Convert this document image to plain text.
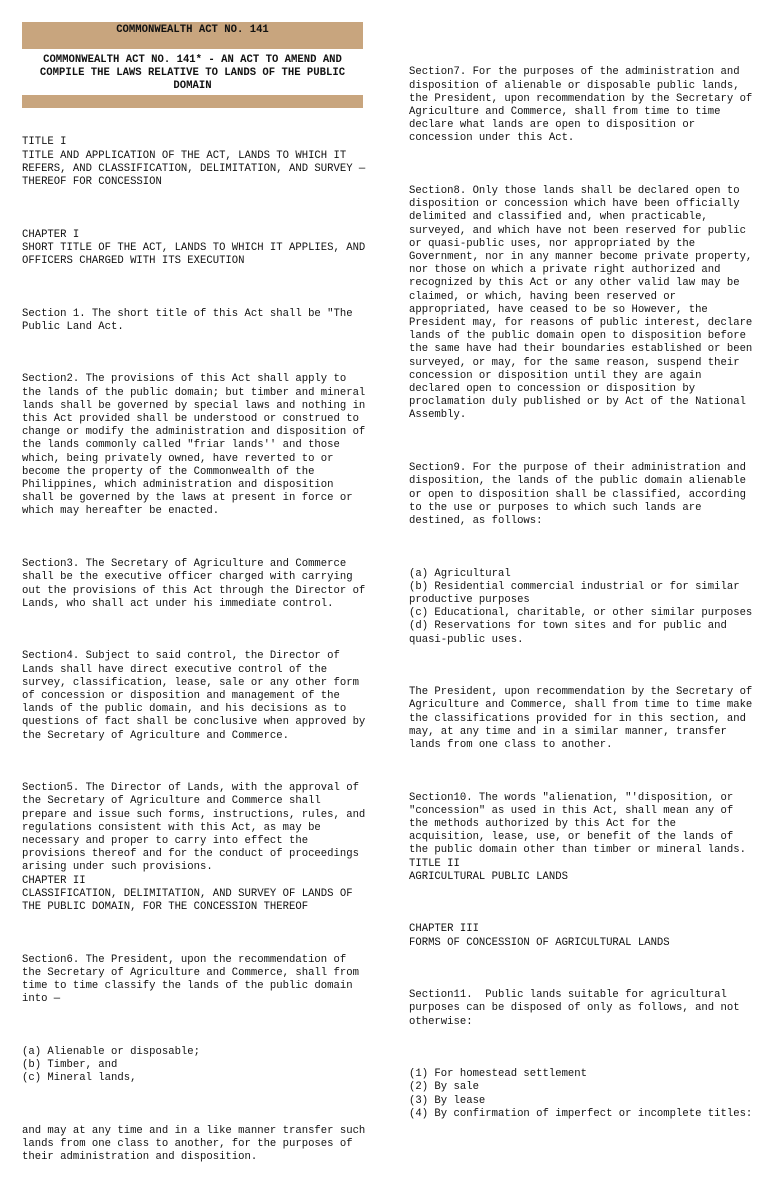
COMMONWEALTH ACT NO. 141
COMMONWEALTH ACT NO. 141* - AN ACT TO AMEND AND COMPILE THE LAWS RELATIVE TO LANDS OF THE PUBLIC DOMAIN

TITLE I
TITLE AND APPLICATION OF THE ACT, LANDS TO WHICH IT REFERS, AND CLASSIFICATION, DELIMITATION, AND SURVEY — THEREOF FOR CONCESSION

CHAPTER I
SHORT TITLE OF THE ACT, LANDS TO WHICH IT APPLIES, AND OFFICERS CHARGED WITH ITS EXECUTION

Section 1. The short title of this Act shall be "The Public Land Act.

Section2. The provisions of this Act shall apply to the lands of the public domain; but timber and mineral lands shall be governed by special laws and nothing in this Act provided shall be understood or construed to change or modify the administration and disposition of the lands commonly called "friar lands'' and those which, being privately owned, have reverted to or become the property of the Commonwealth of the Philippines, which administration and disposition shall be governed by the laws at present in force or which may hereafter be enacted.

Section3. The Secretary of Agriculture and Commerce shall be the executive officer charged with carrying out the provisions of this Act through the Director of Lands, who shall act under his immediate control.

Section4. Subject to said control, the Director of Lands shall have direct executive control of the survey, classification, lease, sale or any other form of concession or disposition and management of the lands of the public domain, and his decisions as to questions of fact shall be conclusive when approved by the Secretary of Agriculture and Commerce.

Section5. The Director of Lands, with the approval of the Secretary of Agriculture and Commerce shall prepare and issue such forms, instructions, rules, and regulations consistent with this Act, as may be necessary and proper to carry into effect the provisions thereof and for the conduct of proceedings arising under such provisions.
CHAPTER II
CLASSIFICATION, DELIMITATION, AND SURVEY OF LANDS OF THE PUBLIC DOMAIN, FOR THE CONCESSION THEREOF

Section6. The President, upon the recommendation of the Secretary of Agriculture and Commerce, shall from time to time classify the lands of the public domain into —

(a) Alienable or disposable;
(b) Timber, and
(c) Mineral lands,

and may at any time and in a like manner transfer such lands from one class to another, for the purposes of their administration and disposition.

Section7. For the purposes of the administration and disposition of alienable or disposable public lands, the President, upon recommendation by the Secretary of Agriculture and Commerce, shall from time to time declare what lands are open to disposition or concession under this Act.

Section8. Only those lands shall be declared open to disposition or concession which have been officially delimited and classified and, when practicable, surveyed, and which have not been reserved for public or quasi-public uses, nor appropriated by the Government, nor in any manner become private property, nor those on which a private right authorized and recognized by this Act or any other valid law may be claimed, or which, having been reserved or appropriated, have ceased to be so However, the President may, for reasons of public interest, declare lands of the public domain open to disposition before the same have had their boundaries established or been surveyed, or may, for the same reason, suspend their concession or disposition until they are again declared open to concession or disposition by proclamation duly published or by Act of the National Assembly.

Section9. For the purpose of their administration and disposition, the lands of the public domain alienable or open to disposition shall be classified, according to the use or purposes to which such lands are destined, as follows:

(a) Agricultural
(b) Residential commercial industrial or for similar productive purposes
(c) Educational, charitable, or other similar purposes
(d) Reservations for town sites and for public and quasi-public uses.

The President, upon recommendation by the Secretary of Agriculture and Commerce, shall from time to time make the classifications provided for in this section, and may, at any time and in a similar manner, transfer lands from one class to another.

Section10. The words "alienation, "'disposition, or "concession" as used in this Act, shall mean any of the methods authorized by this Act for the acquisition, lease, use, or benefit of the lands of the public domain other than timber or mineral lands.
TITLE II
AGRICULTURAL PUBLIC LANDS

CHAPTER III
FORMS OF CONCESSION OF AGRICULTURAL LANDS

Section11.  Public lands suitable for agricultural purposes can be disposed of only as follows, and not otherwise:

(1) For homestead settlement
(2) By sale
(3) By lease
(4) By confirmation of imperfect or incomplete titles:
